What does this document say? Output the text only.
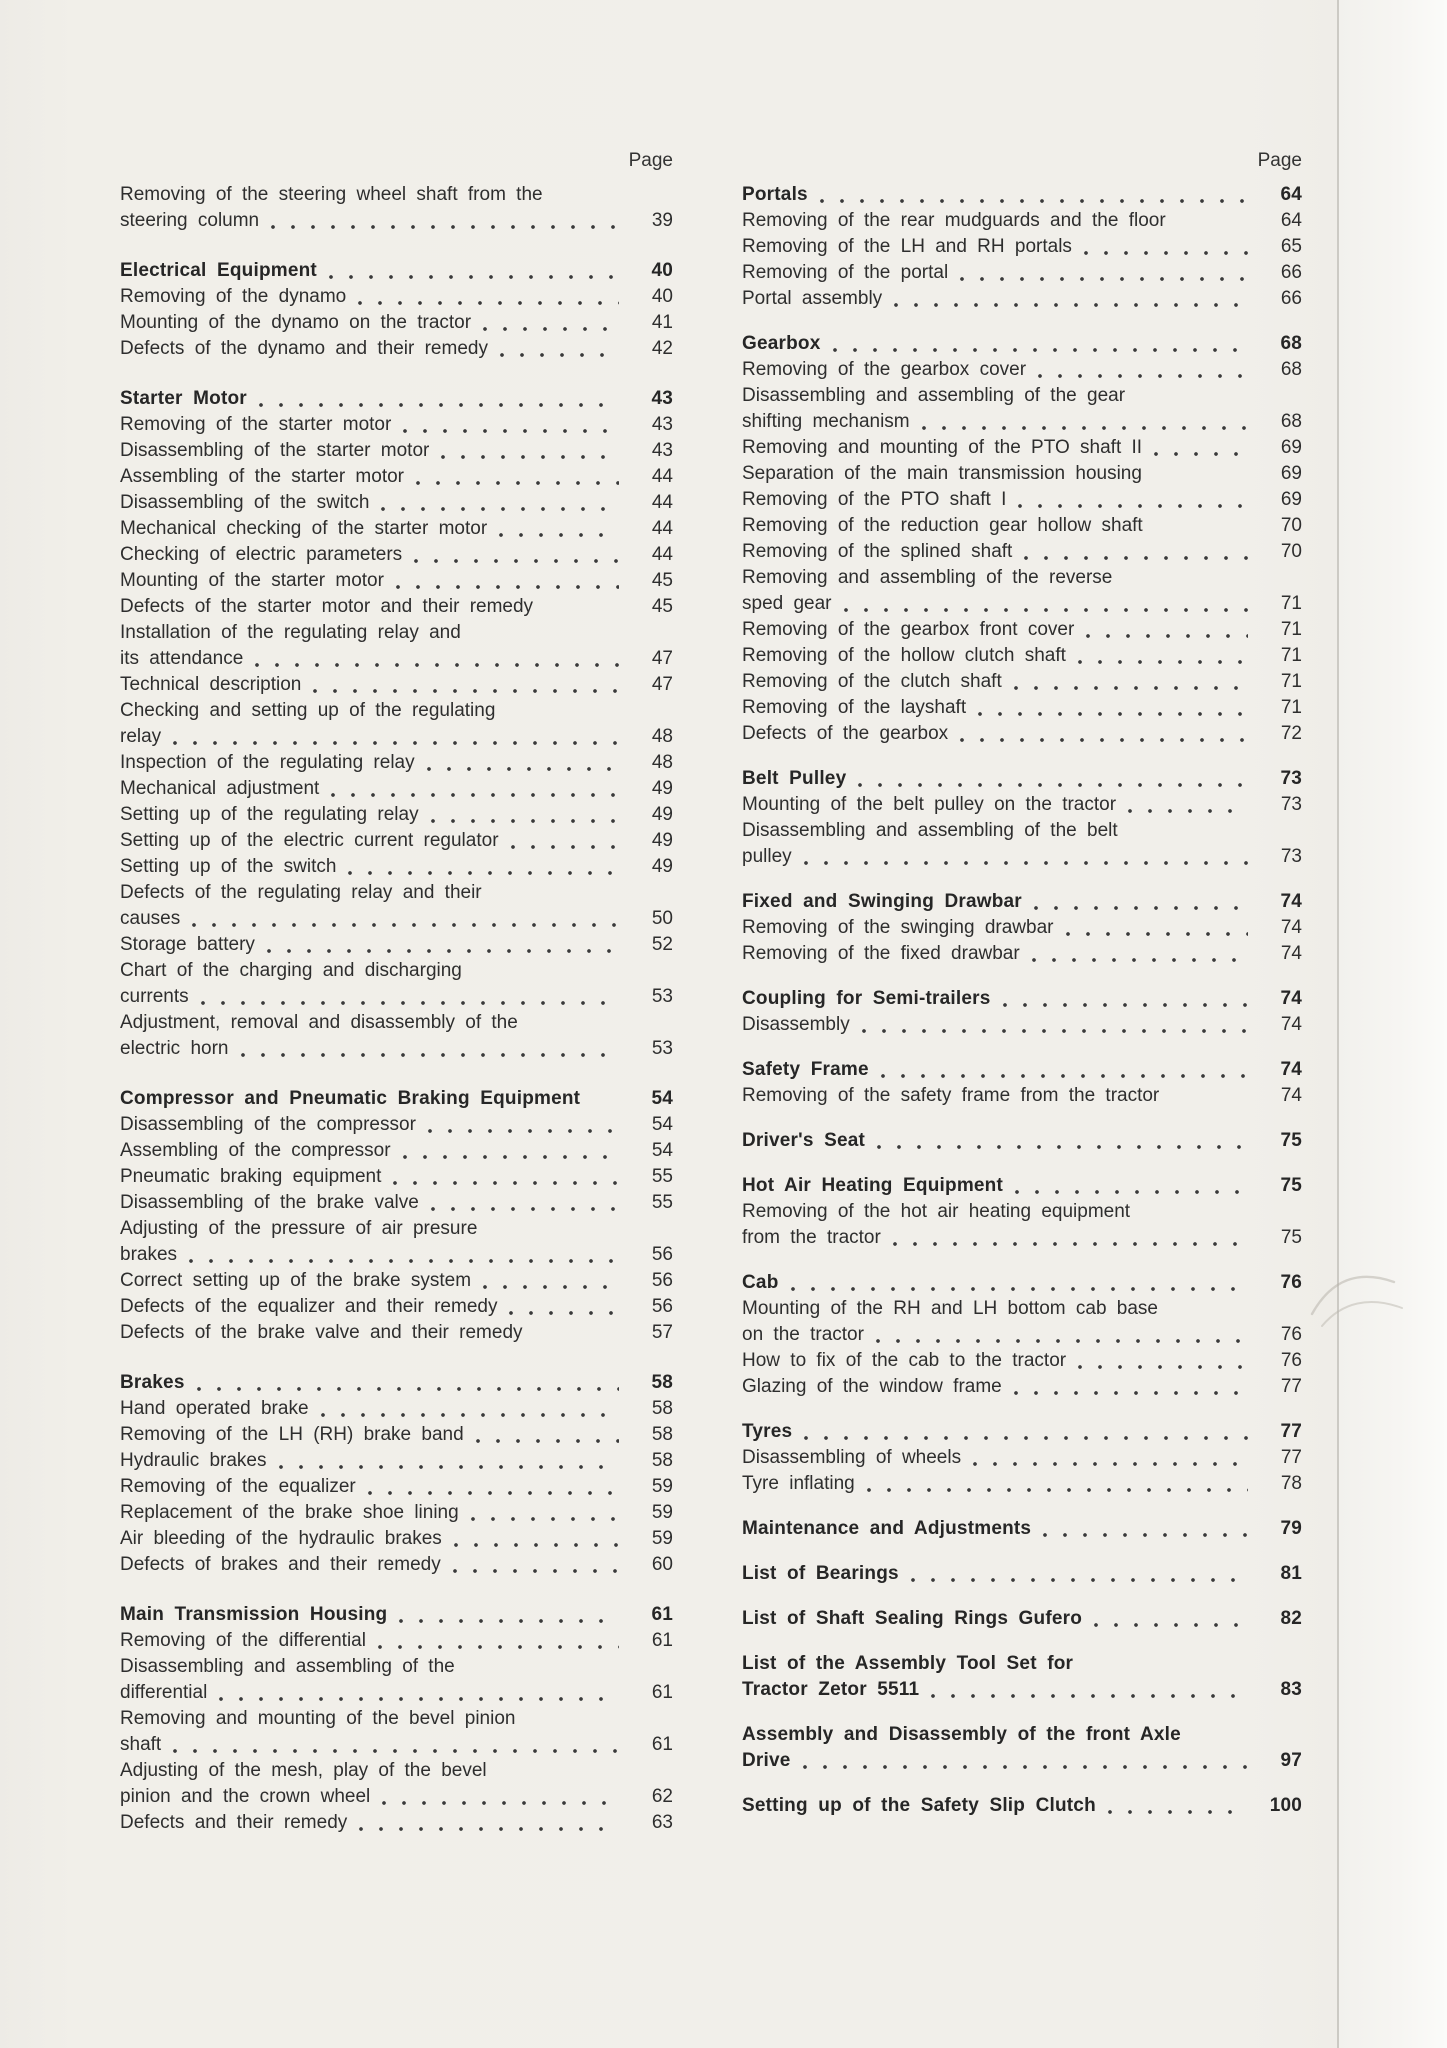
Page
Removing of the steering wheel shaft from the
steering column	39
Electrical Equipment	40
Removing of the dynamo	40
Mounting of the dynamo on the tractor	41
Defects of the dynamo and their remedy	42
Starter Motor	43
Removing of the starter motor	43
Disassembling of the starter motor	43
Assembling of the starter motor	44
Disassembling of the switch	44
Mechanical checking of the starter motor	44
Checking of electric parameters	44
Mounting of the starter motor	45
Defects of the starter motor and their remedy	45
Installation of the regulating relay and
its attendance	47
Technical description	47
Checking and setting up of the regulating
relay	48
Inspection of the regulating relay	48
Mechanical adjustment	49
Setting up of the regulating relay	49
Setting up of the electric current regulator	49
Setting up of the switch	49
Defects of the regulating relay and their
causes	50
Storage battery	52
Chart of the charging and discharging
currents	53
Adjustment, removal and disassembly of the
electric horn	53
Compressor and Pneumatic Braking Equipment	54
Disassembling of the compressor	54
Assembling of the compressor	54
Pneumatic braking equipment	55
Disassembling of the brake valve	55
Adjusting of the pressure of air presure
brakes	56
Correct setting up of the brake system	56
Defects of the equalizer and their remedy	56
Defects of the brake valve and their remedy	57
Brakes	58
Hand operated brake	58
Removing of the LH (RH) brake band	58
Hydraulic brakes	58
Removing of the equalizer	59
Replacement of the brake shoe lining	59
Air bleeding of the hydraulic brakes	59
Defects of brakes and their remedy	60
Main Transmission Housing	61
Removing of the differential	61
Disassembling and assembling of the
differential	61
Removing and mounting of the bevel pinion
shaft	61
Adjusting of the mesh, play of the bevel
pinion and the crown wheel	62
Defects and their remedy	63
Page
Portals	64
Removing of the rear mudguards and the floor	64
Removing of the LH and RH portals	65
Removing of the portal	66
Portal assembly	66
Gearbox	68
Removing of the gearbox cover	68
Disassembling and assembling of the gear
shifting mechanism	68
Removing and mounting of the PTO shaft II	69
Separation of the main transmission housing	69
Removing of the PTO shaft I	69
Removing of the reduction gear hollow shaft	70
Removing of the splined shaft	70
Removing and assembling of the reverse
sped gear	71
Removing of the gearbox front cover	71
Removing of the hollow clutch shaft	71
Removing of the clutch shaft	71
Removing of the layshaft	71
Defects of the gearbox	72
Belt Pulley	73
Mounting of the belt pulley on the tractor	73
Disassembling and assembling of the belt
pulley	73
Fixed and Swinging Drawbar	74
Removing of the swinging drawbar	74
Removing of the fixed drawbar	74
Coupling for Semi-trailers	74
Disassembly	74
Safety Frame	74
Removing of the safety frame from the tractor	74
Driver's Seat	75
Hot Air Heating Equipment	75
Removing of the hot air heating equipment
from the tractor	75
Cab	76
Mounting of the RH and LH bottom cab base
on the tractor	76
How to fix of the cab to the tractor	76
Glazing of the window frame	77
Tyres	77
Disassembling of wheels	77
Tyre inflating	78
Maintenance and Adjustments	79
List of Bearings	81
List of Shaft Sealing Rings Gufero	82
List of the Assembly Tool Set for
Tractor Zetor 5511	83
Assembly and Disassembly of the front Axle
Drive	97
Setting up of the Safety Slip Clutch	100
